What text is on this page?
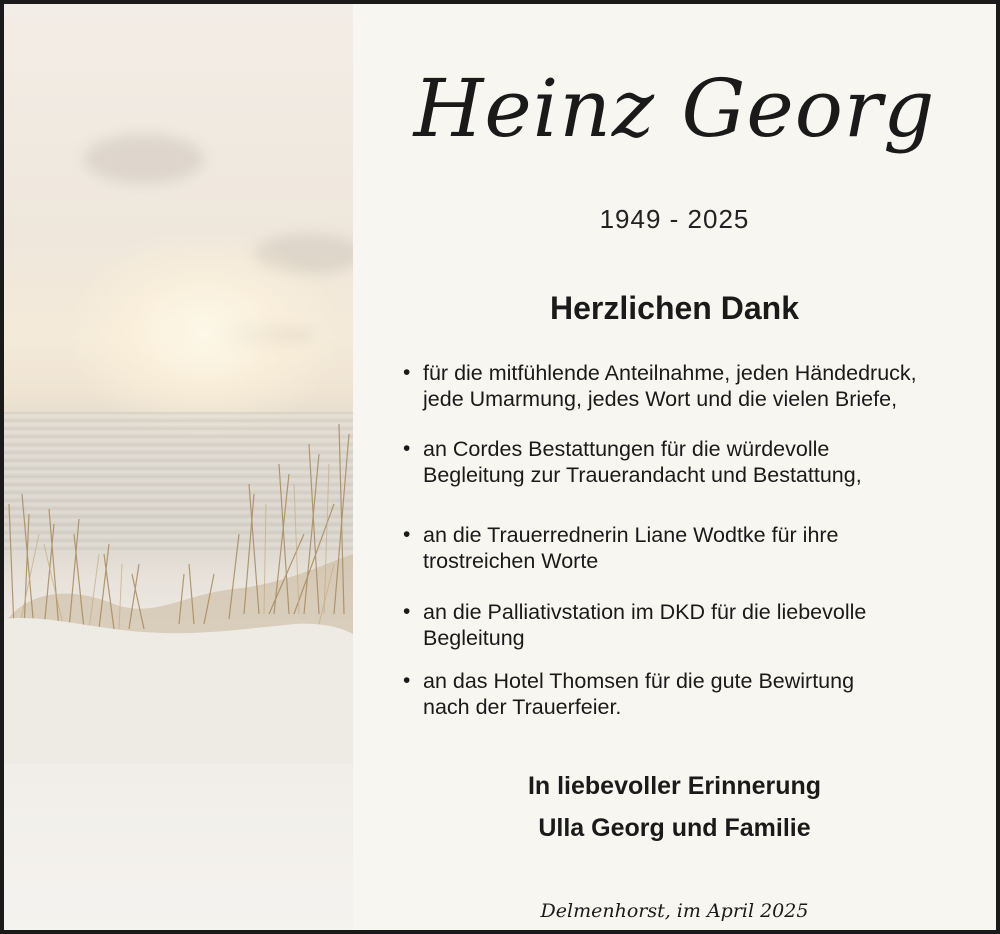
Heinz Georg
1949 - 2025
Herzlichen Dank
• für die mitfühlende Anteilnahme, jeden Händedruck,
jede Umarmung, jedes Wort und die vielen Briefe,
• an Cordes Bestattungen für die würdevolle
Begleitung zur Trauerandacht und Bestattung,
• an die Trauerrednerin Liane Wodtke für ihre
trostreichen Worte
• an die Palliativstation im DKD für die liebevolle
Begleitung
• an das Hotel Thomsen für die gute Bewirtung
nach der Trauerfeier.
In liebevoller Erinnerung
Ulla Georg und Familie
Delmenhorst, im April 2025
